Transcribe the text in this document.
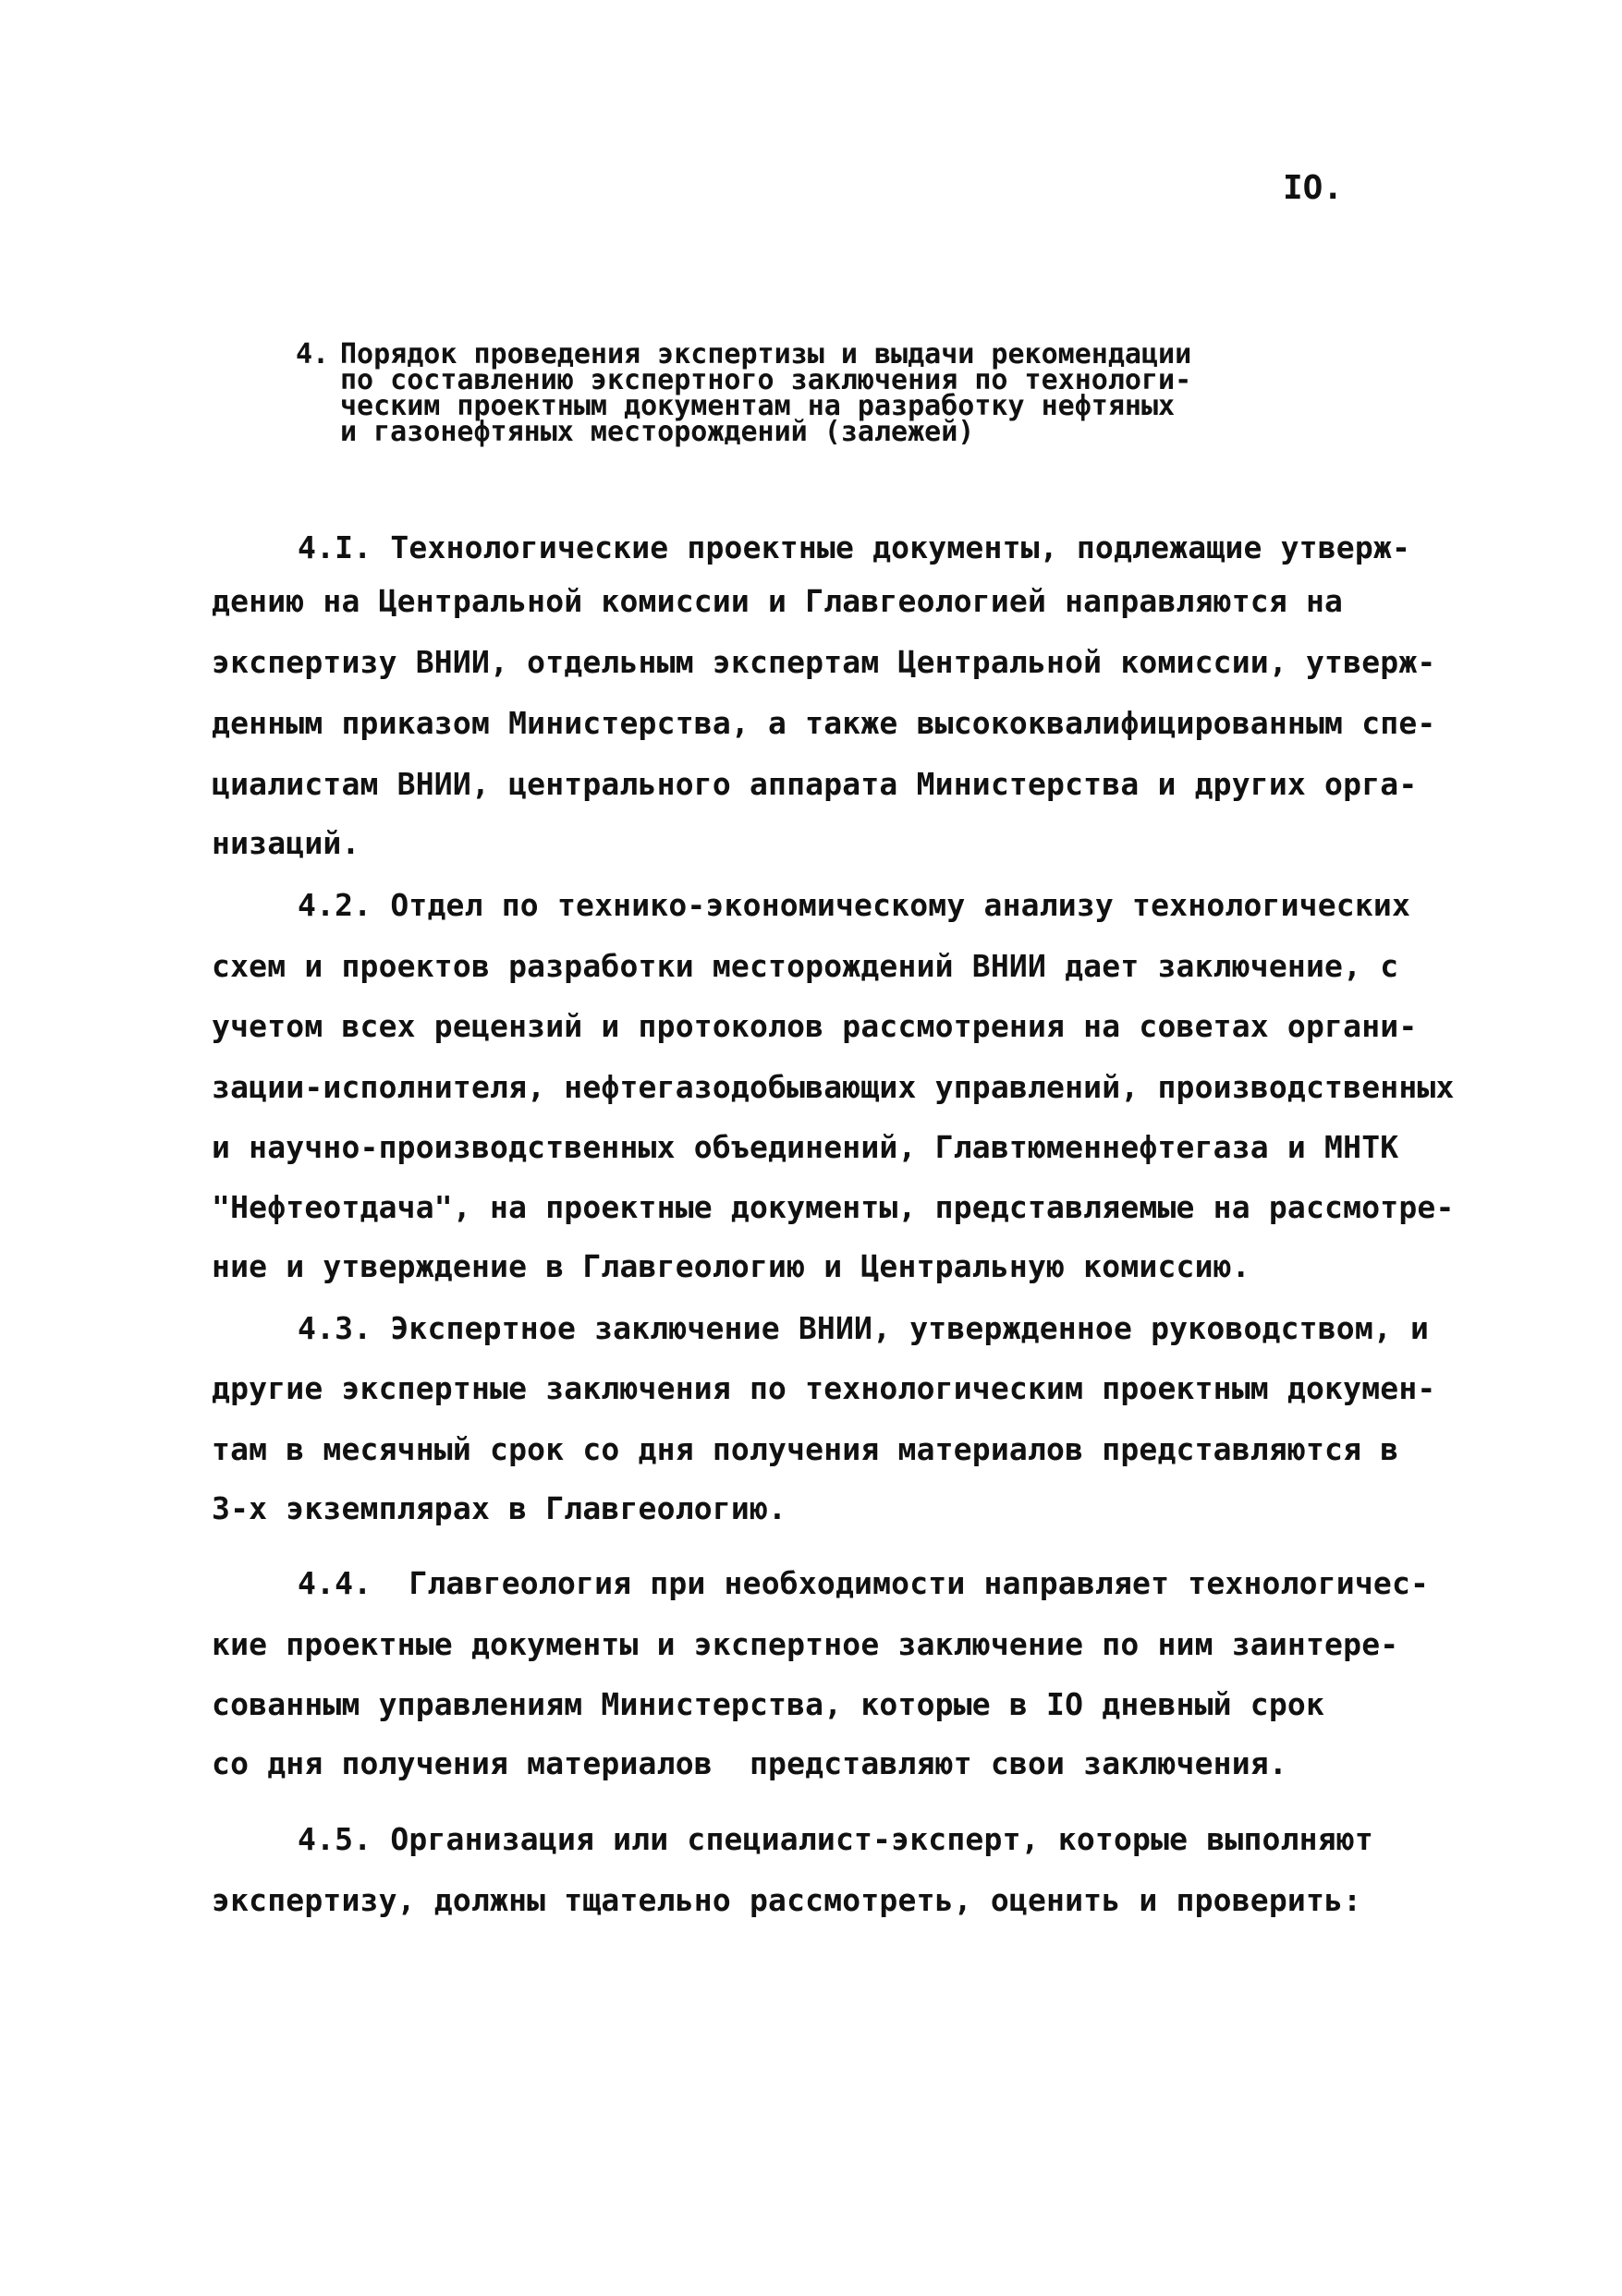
IO.
4. Порядок проведения экспертизы и выдачи рекомендации
по составлению экспертного заключения по технологи-
ческим проектным документам на разработку нефтяных
и газонефтяных месторождений (залежей)
4.I. Технологические проектные документы, подлежащие утверж-
дению на Центральной комиссии и Главгеологией направляются на
экспертизу ВНИИ, отдельным экспертам Центральной комиссии, утверж-
денным приказом Министерства, а также высококвалифицированным спе-
циалистам ВНИИ, центрального аппарата Министерства и других орга-
низаций.
4.2. Отдел по технико-экономическому анализу технологических
схем и проектов разработки месторождений ВНИИ дает заключение, с
учетом всех рецензий и протоколов рассмотрения на советах органи-
зации-исполнителя, нефтегазодобывающих управлений, производственных
и научно-производственных объединений, Главтюменнефтегаза и МНТК
"Нефтеотдача", на проектные документы, представляемые на рассмотре-
ние и утверждение в Главгеологию и Центральную комиссию.
4.3. Экспертное заключение ВНИИ, утвержденное руководством, и
другие экспертные заключения по технологическим проектным докумен-
там в месячный срок со дня получения материалов представляются в
3-х экземплярах в Главгеологию.
4.4.  Главгеология при необходимости направляет технологичес-
кие проектные документы и экспертное заключение по ним заинтере-
сованным управлениям Министерства, которые в IO дневный срок
со дня получения материалов  представляют свои заключения.
4.5. Организация или специалист-эксперт, которые выполняют
экспертизу, должны тщательно рассмотреть, оценить и проверить:
